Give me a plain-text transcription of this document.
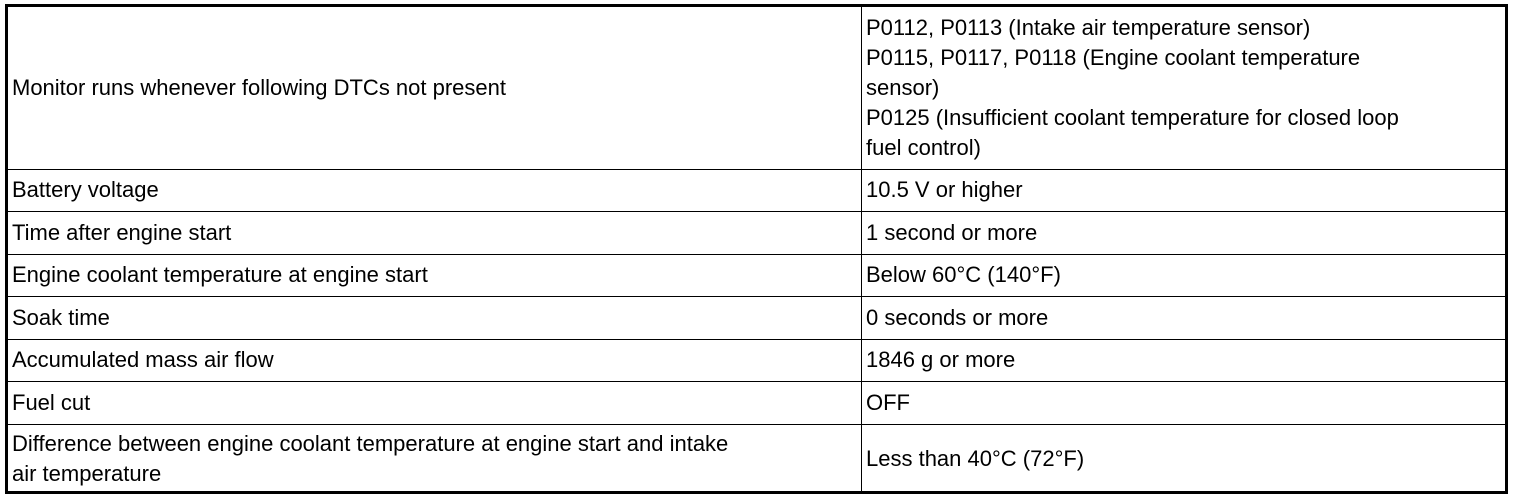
Monitor runs whenever following DTCs not present	P0112, P0113 (Intake air temperature sensor)
P0115, P0117, P0118 (Engine coolant temperature
sensor)
P0125 (Insufficient coolant temperature for closed loop
fuel control)

Battery voltage	10.5 V or higher
Time after engine start	1 second or more
Engine coolant temperature at engine start	Below 60°C (140°F)
Soak time	0 seconds or more
Accumulated mass air flow	1846 g or more
Fuel cut	OFF

Difference between engine coolant temperature at engine start and intake
air temperature	Less than 40°C (72°F)
